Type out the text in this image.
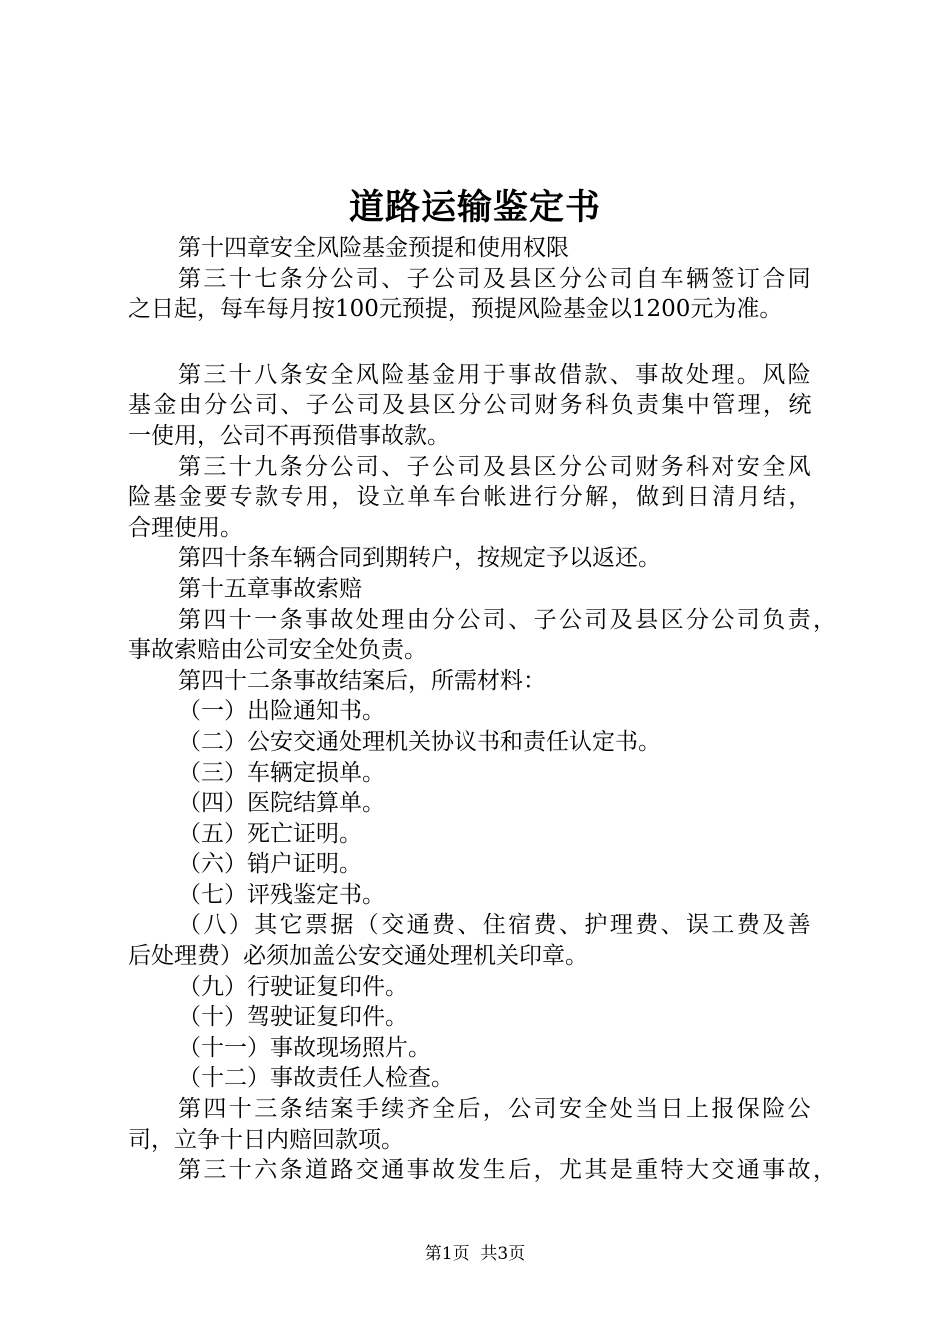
道路运输鉴定书
第十四章安全风险基金预提和使用权限
第三十七条分公司、子公司及县区分公司自车辆签订合同
之日起，每车每月按100元预提，预提风险基金以1200元为准。
第三十八条安全风险基金用于事故借款、事故处理。风险
基金由分公司、子公司及县区分公司财务科负责集中管理，统
一使用，公司不再预借事故款。
第三十九条分公司、子公司及县区分公司财务科对安全风
险基金要专款专用，设立单车台帐进行分解，做到日清月结，
合理使用。
第四十条车辆合同到期转户，按规定予以返还。
第十五章事故索赔
第四十一条事故处理由分公司、子公司及县区分公司负责，
事故索赔由公司安全处负责。
第四十二条事故结案后，所需材料：
（一）出险通知书。
（二）公安交通处理机关协议书和责任认定书。
（三）车辆定损单。
（四）医院结算单。
（五）死亡证明。
（六）销户证明。
（七）评残鉴定书。
（八）其它票据（交通费、住宿费、护理费、误工费及善
后处理费）必须加盖公安交通处理机关印章。
（九）行驶证复印件。
（十）驾驶证复印件。
（十一）事故现场照片。
（十二）事故责任人检查。
第四十三条结案手续齐全后，公司安全处当日上报保险公
司，立争十日内赔回款项。
第三十六条道路交通事故发生后，尤其是重特大交通事故，
第1页 共3页
